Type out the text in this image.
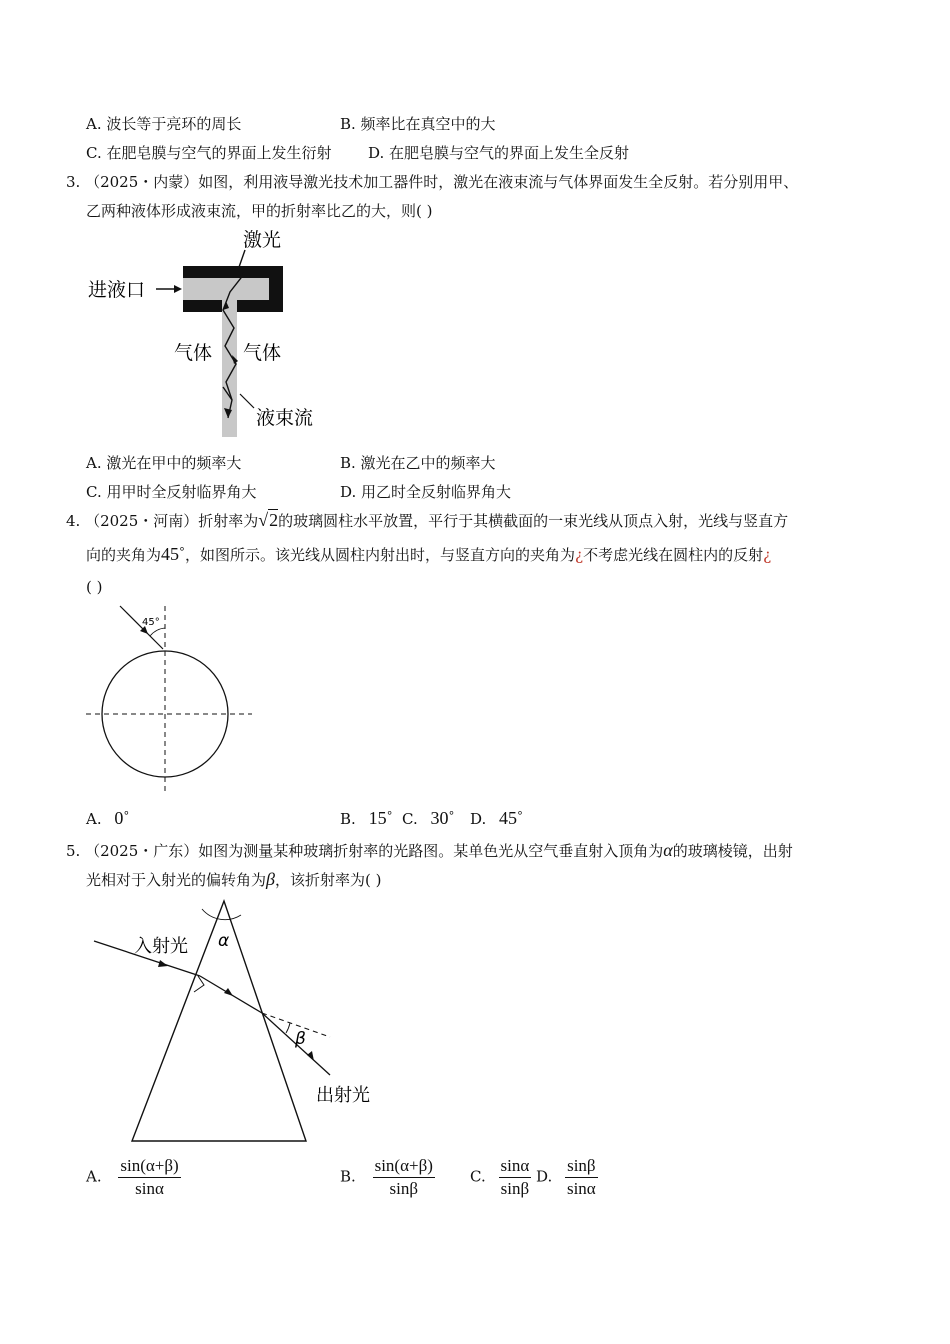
A. 波长等于亮环的周长	B. 频率比在真空中的大
C. 在肥皂膜与空气的界面上发生衍射 D. 在肥皂膜与空气的界面上发生全反射
3. （2025・内蒙）如图，利用液导激光技术加工器件时，激光在液束流与气体界面发生全反射。若分别用甲、
乙两种液体形成液束流，甲的折射率比乙的大，则( )
激光
进液口
气体 气体
液束流
A. 激光在甲中的频率大	B. 激光在乙中的频率大
C. 用甲时全反射临界角大	D. 用乙时全反射临界角大
4. （2025・河南）折射率为√2的玻璃圆柱水平放置，平行于其横截面的一束光线从顶点入射，光线与竖直方
向的夹角为45˚，如图所示。该光线从圆柱内射出时，与竖直方向的夹角为¿不考虑光线在圆柱内的反射¿
( )
45°
A. 0˚	B. 15˚ C. 30˚ D. 45˚
5. （2025・广东）如图为测量某种玻璃折射率的光路图。某单色光从空气垂直射入顶角为α的玻璃棱镜，出射
光相对于入射光的偏转角为β，该折射率为( )
入射光
出射光
α
β
A. $\frac{\sin(\alpha+\beta)}{\sin\alpha}$	B. $\frac{\sin(\alpha+\beta)}{\sin\beta} C$. $\frac{\sin\alpha}{\sin\beta} D$. $\frac{\sin\beta}{\sin\alpha}$
